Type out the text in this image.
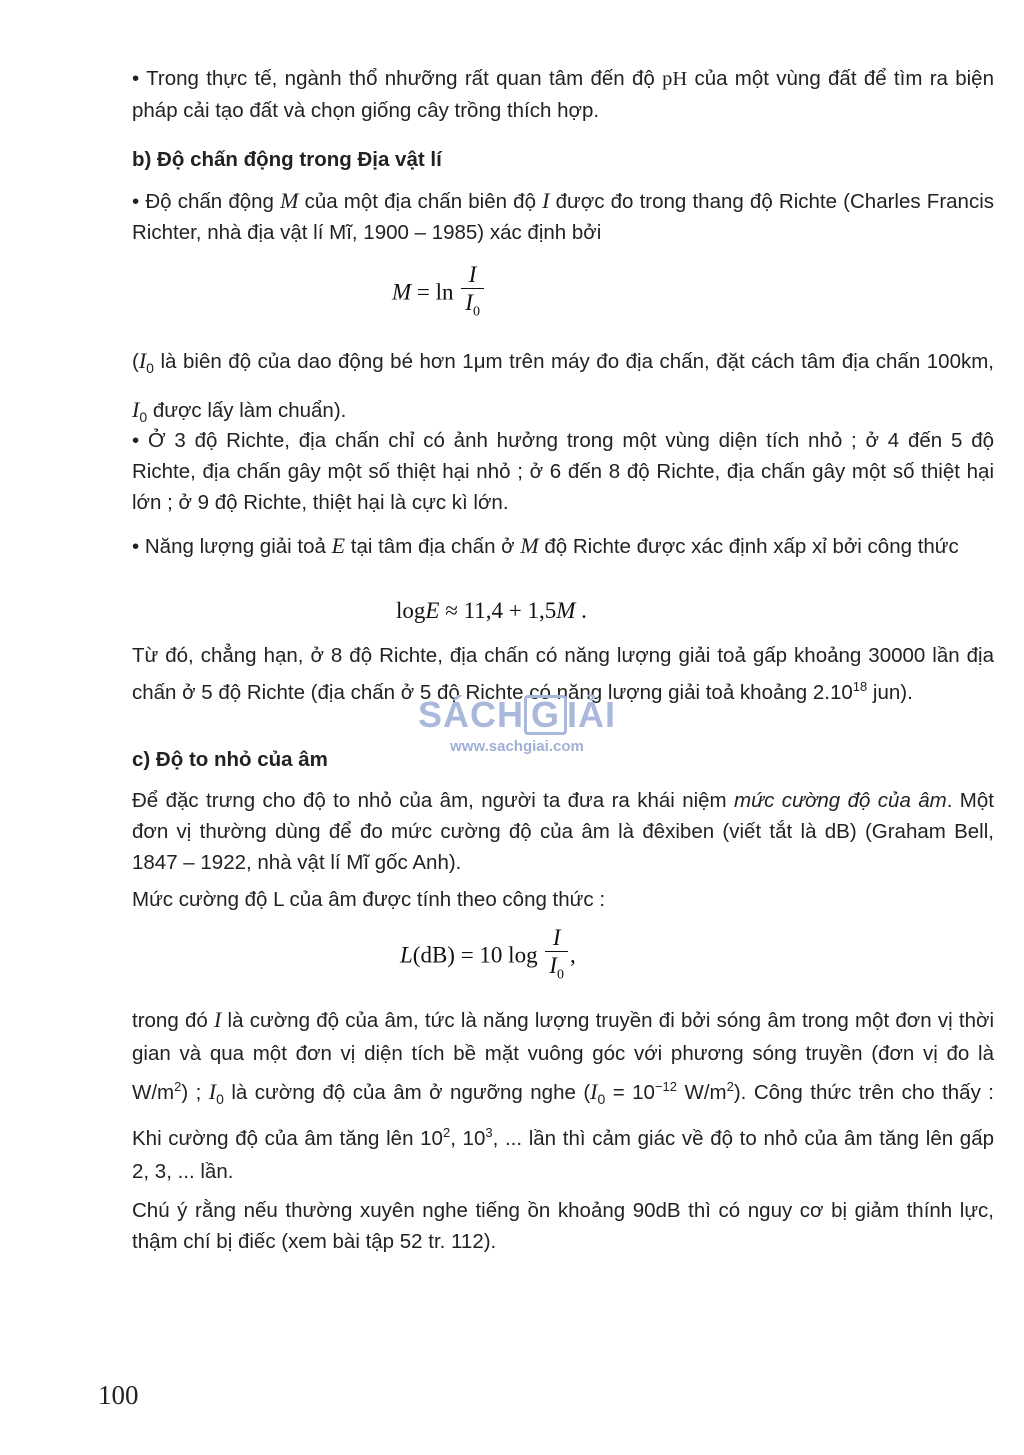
• Trong thực tế, ngành thổ nhưỡng rất quan tâm đến độ pH của một vùng đất để tìm ra biện pháp cải tạo đất và chọn giống cây trồng thích hợp.
b) Độ chấn động trong Địa vật lí
• Độ chấn động M của một địa chấn biên độ I được đo trong thang độ Richte (Charles Francis Richter, nhà địa vật lí Mĩ, 1900 – 1985) xác định bởi
$M = \ln \frac{I}{I_0}$
($I_0$ là biên độ của dao động bé hơn 1μm trên máy đo địa chấn, đặt cách tâm địa chấn 100km, $I_0$ được lấy làm chuẩn).
• Ở 3 độ Richte, địa chấn chỉ có ảnh hưởng trong một vùng diện tích nhỏ ; ở 4 đến 5 độ Richte, địa chấn gây một số thiệt hại nhỏ ; ở 6 đến 8 độ Richte, địa chấn gây một số thiệt hại lớn ; ở 9 độ Richte, thiệt hại là cực kì lớn.
• Năng lượng giải toả E tại tâm địa chấn ở M độ Richte được xác định xấp xỉ bởi công thức
logE ≈ 11,4 + 1,5M .
Từ đó, chẳng hạn, ở 8 độ Richte, địa chấn có năng lượng giải toả gấp khoảng 30000 lần địa chấn ở 5 độ Richte (địa chấn ở 5 độ Richte có năng lượng giải toả khoảng 2.10$^{18}$ jun).
SÁCH G IẢI
www.sachgiai.com
c) Độ to nhỏ của âm
Để đặc trưng cho độ to nhỏ của âm, người ta đưa ra khái niệm mức cường độ của âm. Một đơn vị thường dùng để đo mức cường độ của âm là đêxiben (viết tắt là dB) (Graham Bell, 1847 – 1922, nhà vật lí Mĩ gốc Anh).
Mức cường độ L của âm được tính theo công thức :
L(dB) = 10 $\log \frac{I}{I_0}$ ,
trong đó I là cường độ của âm, tức là năng lượng truyền đi bởi sóng âm trong một đơn vị thời gian và qua một đơn vị diện tích bề mặt vuông góc với phương sóng truyền (đơn vị đo là $W/m^2$) ; $I_0$ là cường độ của âm ở ngưỡng nghe ($I_0 = 10^{-12}$ $W/m^2$). Công thức trên cho thấy : Khi cường độ của âm tăng lên $10^2$, $10^3$, ... lần thì cảm giác về độ to nhỏ của âm tăng lên gấp 2, 3, ... lần.
Chú ý rằng nếu thường xuyên nghe tiếng ồn khoảng 90dB thì có nguy cơ bị giảm thính lực, thậm chí bị điếc (xem bài tập 52 tr. 112).
100
